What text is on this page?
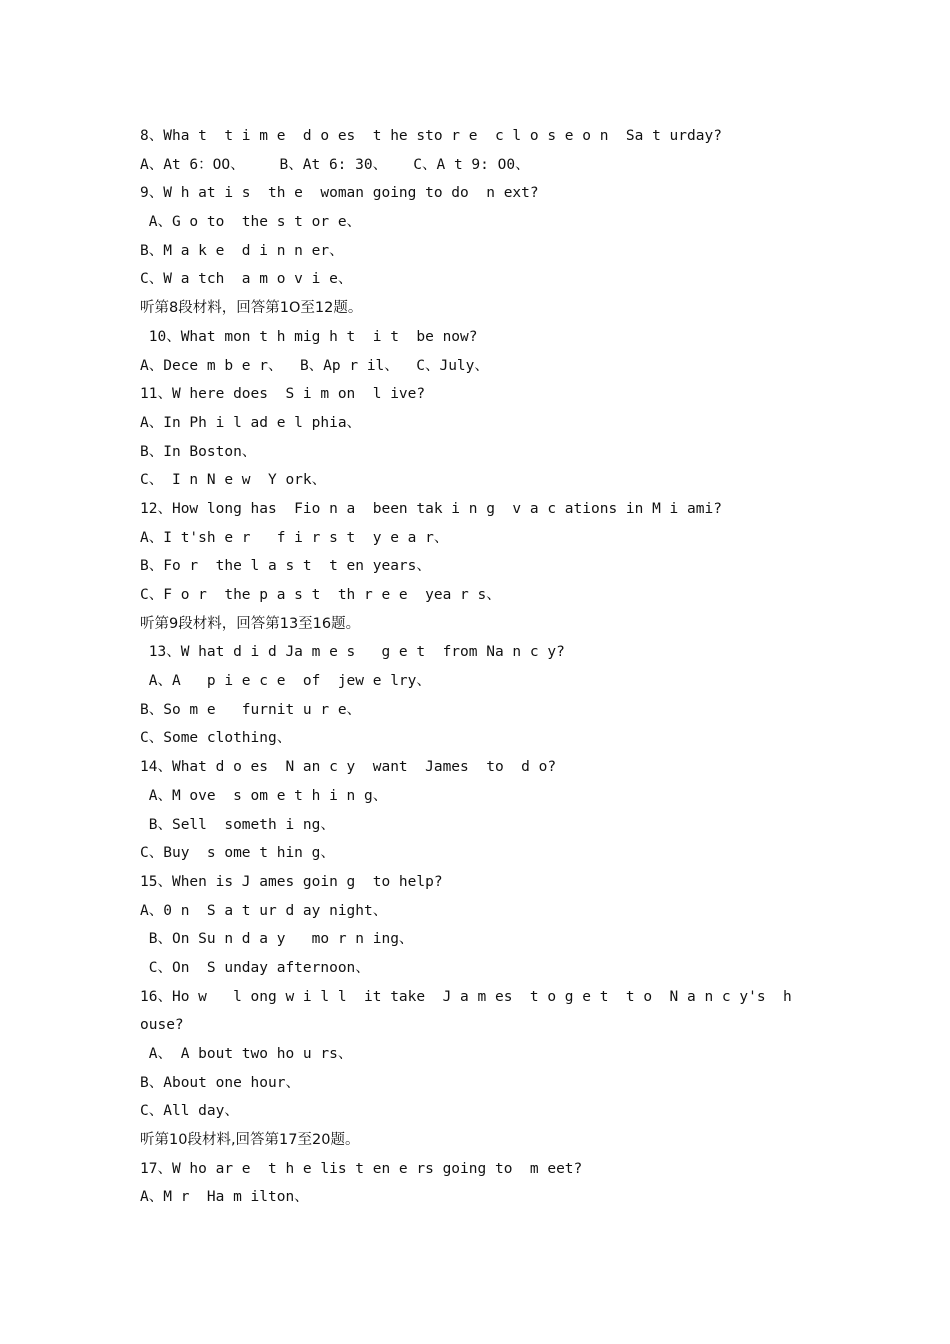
8、Wha t  t i m e  d o es  t he sto r e  c l o s e o n  Sa t urday?
A、At 6：OO、    B、At 6: 30、   C、A t 9: O0、
9、W h at i s  th e  woman going to do  n ext?
A、G o to  the s t or e、
B、M a k e  d i n n er、
C、W a tch  a m o v i e、
听第8段材料，回答第1O至12题。
10、What mon t h mig h t  i t  be now?
A、Dece m b e r、  B、Ap r il、  C、July、
11、W here does  S i m on  l ive?
A、In Ph i l ad e l phia、
B、In Boston、
C、 I n N e w  Y ork、
12、How long has  Fio n a  been tak i n g  v a c ations in M i ami?
A、I t'sh e r   f i r s t  y e a r、
B、Fo r  the l a s t  t en years、
C、F o r  the p a s t  th r e e  yea r s、
听第9段材料，回答第13至16题。
13、W hat d i d Ja m e s   g e t  from Na n c y?
A、A   p i e c e  of  jew e lry、
B、So m e   furnit u r e、
C、Some clothing、
14、What d o es  N an c y  want  James  to  d o?
A、M ove  s om e t h i n g、
B、Sell  someth i ng、
C、Buy  s ome t hin g、
15、When is J ames goin g  to help?
A、0 n  S a t ur d ay night、
B、On Su n d a y   mo r n ing、
C、On  S unday afternoon、
16、Ho w   l ong w i l l  it take  J a m es  t o g e t  t o  N a n c y's  h
ouse?
A、 A bout two ho u rs、
B、About one hour、
C、All day、
听第10段材料,回答第17至20题。
17、W ho ar e  t h e lis t en e rs going to  m eet?
A、M r  Ha m ilton、
